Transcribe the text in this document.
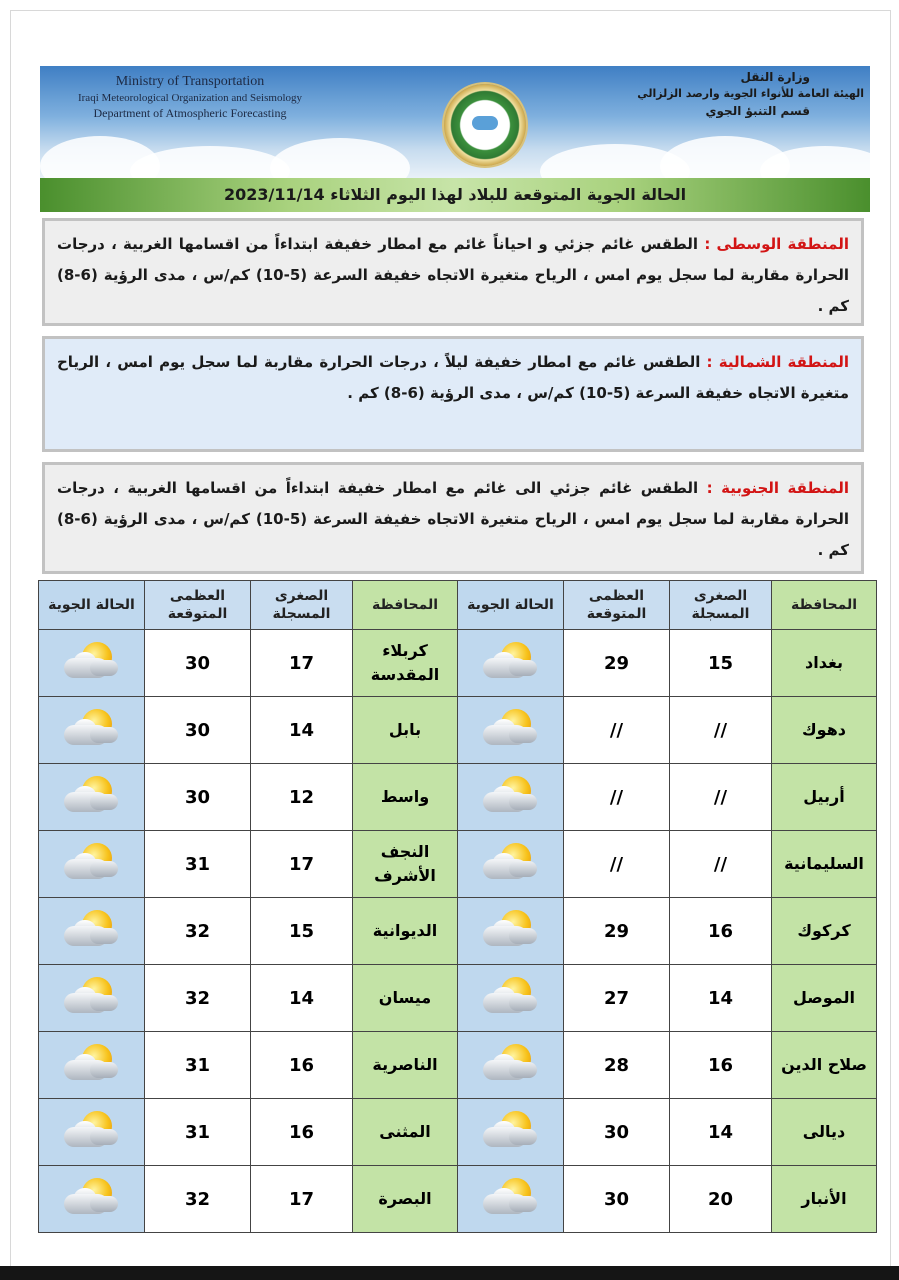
Ministry of Transportation
Iraqi Meteorological Organization and Seismology
Department of Atmospheric Forecasting
وزارة النقل
الهيئة العامة للأنواء الجوية وارصد الزلزالي
قسم التنبؤ الجوي
الحالة الجوية المتوقعة للبلاد لهذا اليوم الثلاثاء 2023/11/14
المنطقة الوسطى : الطقس غائم جزئي و احياناً غائم مع امطار خفيفة ابتداءاً من اقسامها الغربية ، درجات الحرارة مقاربة لما سجل يوم امس ، الرياح متغيرة الاتجاه خفيفة السرعة (5-10) كم/س ، مدى الرؤية (6-8) كم .
المنطقة الشمالية : الطقس غائم مع امطار خفيفة ليلاً ، درجات الحرارة مقاربة لما سجل يوم امس ، الرياح متغيرة الاتجاه خفيفة السرعة (5-10) كم/س ، مدى الرؤية (6-8) كم .
المنطقة الجنوبية : الطقس غائم جزئي الى غائم مع امطار خفيفة ابتداءاً من اقسامها الغربية ، درجات الحرارة مقاربة لما سجل يوم امس ، الرياح متغيرة الاتجاه خفيفة السرعة (5-10) كم/س ، مدى الرؤية (6-8) كم .
المحافظة	الصغرى المسجلة	العظمى المتوقعة	الحالة الجوية	المحافظة	الصغرى المسجلة	العظمى المتوقعة	الحالة الجوية
بغداد	15	29		كربلاء المقدسة	17	30	

دهوك	//	//		بابل	14	30	

أربيل	//	//		واسط	12	30	

السليمانية	//	//		النجف الأشرف	17	31	

كركوك	16	29		الديوانية	15	32	

الموصل	14	27		ميسان	14	32	

صلاح الدين	16	28		الناصرية	16	31	

ديالى	14	30		المثنى	16	31	

الأنبار	20	30		البصرة	17	32	
